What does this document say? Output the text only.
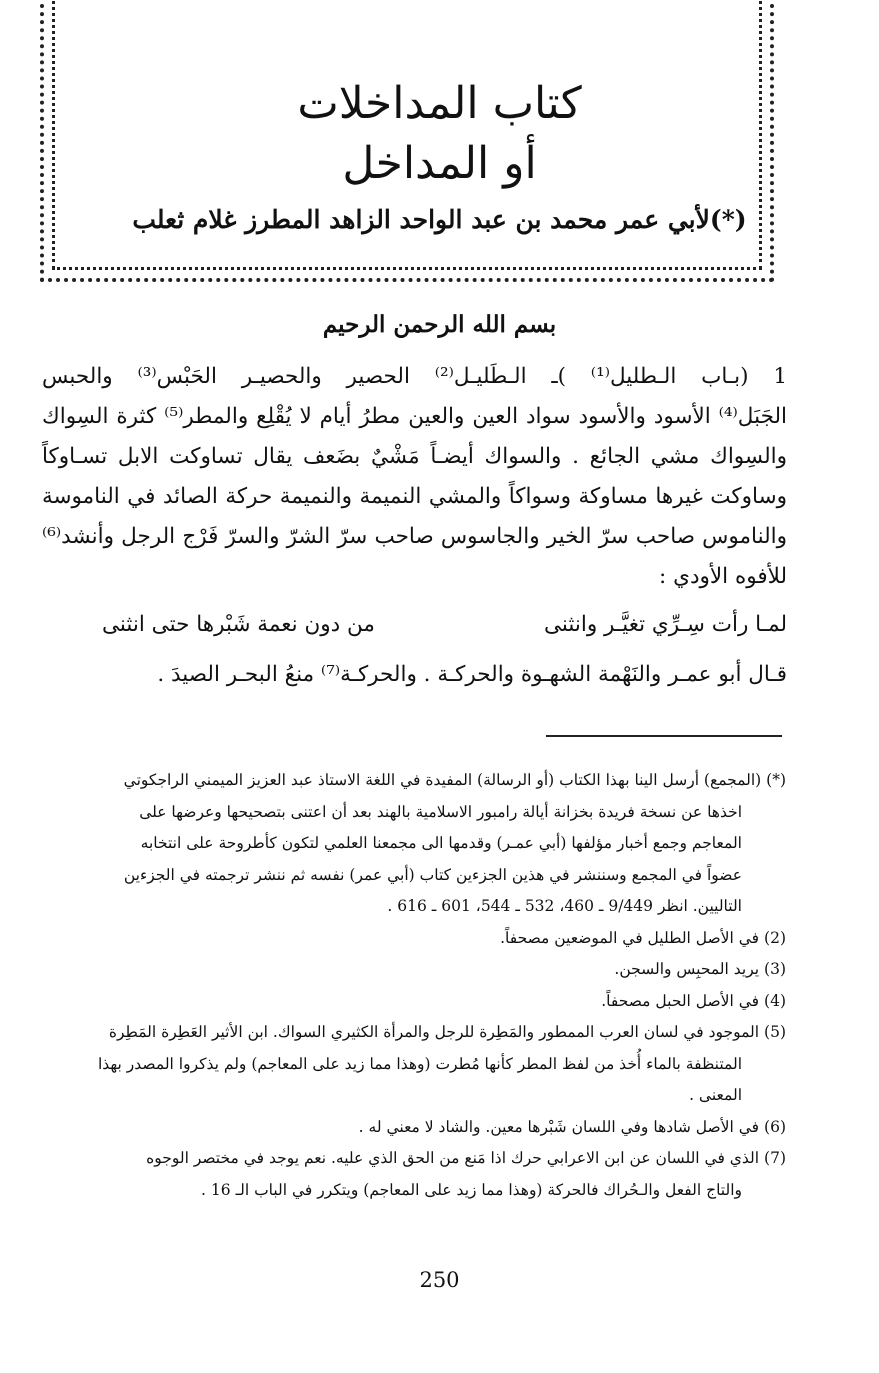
كتاب المداخلات
أو المداخل
لأبي عمر محمد بن عبد الواحد الزاهد المطرز غلام ثعلب(*)
بسم الله الرحمن الرحيم
1 (بـاب الـطليل⁽¹⁾ )ـ الـطَليـل⁽²⁾ الحصير والحصيـر الحَبْس⁽³⁾ والحبس
الجَبَل⁽⁴⁾ الأسود والأسود سواد العين والعين مطرُ أيام لا يُقْلِع والمطر⁽⁵⁾ كثرة السِواك
والسِواك مشي الجائع . والسواك أيضـاً مَشْيٌ بضَعف يقال تساوكت الابل تسـاوكاً
وساوكت غيرها مساوكة وسواكاً والمشي النميمة والنميمة حركة الصائد في الناموسة
والناموس صاحب سرّ الخير والجاسوس صاحب سرّ الشرّ والسرّ فَرْج الرجل وأنشد⁽⁶⁾
للأفوه الأودي :
لمـا رأت سِـرِّي تغيَّـر وانثنى
من دون نعمة شَبْرها حتى انثنى
قـال أبو عمـر والنَهْمة الشهـوة والحركـة . والحركـة⁽⁷⁾ منعُ البحـر الصيدَ .
(*) (المجمع) أرسل الينا بهذا الكتاب (أو الرسالة) المفيدة في اللغة الاستاذ عبد العزيز الميمني الراجكوتي
اخذها عن نسخة فريدة بخزانة أيالة رامبور الاسلامية بالهند بعد أن اعتنى بتصحيحها وعرضها على
المعاجم وجمع أخبار مؤلفها (أبي عمـر) وقدمها الى مجمعنا العلمي لتكون كأطروحة على انتخابه
عضواً في المجمع وسننشر في هذين الجزءين كتاب (أبي عمر) نفسه ثم ننشر ترجمته في الجزءين
التاليين. انظر 9/449 ـ 460، 532 ـ 544، 601 ـ 616 .
(2) في الأصل الطليل في الموضعين مصحفاً.
(3) يريد المحبِس والسجن.
(4) في الأصل الحبل مصحفاً.
(5) الموجود في لسان العرب الممطور والمَطِرة للرجل والمرأة الكثيري السواك. ابن الأثير العَطِرة المَطِرة
المتنظفة بالماء أُخذ من لفظ المطر كأنها مُطرت (وهذا مما زيد على المعاجم) ولم يذكروا المصدر بهذا
المعنى .
(6) في الأصل شادها وفي اللسان شَبْرها معين. والشاد لا معني له .
(7) الذي في اللسان عن ابن الاعرابي حرك اذا مَنع من الحق الذي عليه. نعم يوجد في مختصر الوجوه
والتاج الفعل والـحُراك فالحركة (وهذا مما زيد على المعاجم) ويتكرر في الباب الـ 16 .
250
